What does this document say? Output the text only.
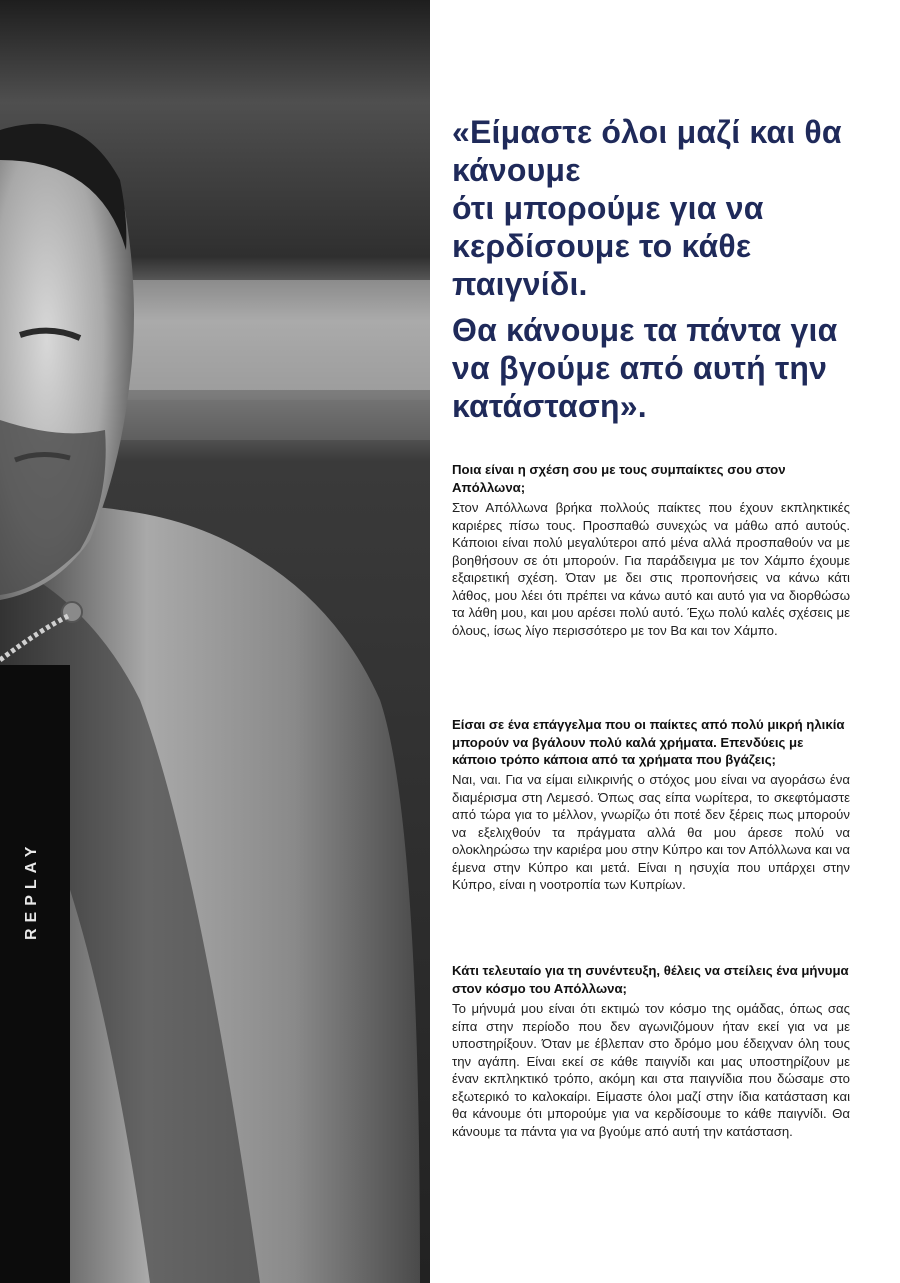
REPLAY

«Είμαστε όλοι μαζί και θα κάνουμε

ότι μπορούμε για να κερδίσουμε το κάθε παιγνίδι.

Θα κάνουμε τα πάντα για να βγούμε από αυτή την κατάσταση».

Ποια είναι η σχέση σου με τους συμπαίκτες σου στον Απόλλωνα;
Στον Απόλλωνα βρήκα πολλούς παίκτες που έχουν εκπληκτικές καριέρες πίσω τους. Προσπαθώ συνεχώς να μάθω από αυτούς. Κάποιοι είναι πολύ μεγαλύτεροι από μένα αλλά προσπαθούν να με βοηθήσουν σε ότι μπορούν. Για παράδειγμα με τον Χάμπο έχουμε εξαιρετική σχέση. Όταν με δει στις προπονήσεις να κάνω κάτι λάθος, μου λέει ότι πρέπει να κάνω αυτό και αυτό για να διορθώσω τα λάθη μου, και μου αρέσει πολύ αυτό. Έχω πολύ καλές σχέσεις με όλους, ίσως λίγο περισσότερο με τον Βα και τον Χάμπο.
Είσαι σε ένα επάγγελμα που οι παίκτες από πολύ μικρή ηλικία μπορούν να βγάλουν πολύ καλά χρήματα. Επενδύεις με κάποιο τρόπο κάποια από τα χρήματα που βγάζεις;
Ναι, ναι. Για να είμαι ειλικρινής ο στόχος μου είναι να αγοράσω ένα διαμέρισμα στη Λεμεσό. Όπως σας είπα νωρίτερα, το σκεφτόμαστε από τώρα για το μέλλον, γνωρίζω ότι ποτέ δεν ξέρεις πως μπορούν να εξελιχθούν τα πράγματα αλλά θα μου άρεσε πολύ να ολοκληρώσω την καριέρα μου στην Κύπρο και τον Απόλλωνα και να έμενα στην Κύπρο και μετά. Είναι η ησυχία που υπάρχει στην Κύπρο, είναι η νοοτροπία των Κυπρίων.
Κάτι τελευταίο για τη συνέντευξη, θέλεις να στείλεις ένα μήνυμα στον κόσμο του Απόλλωνα;
Το μήνυμά μου είναι ότι εκτιμώ τον κόσμο της ομάδας, όπως σας είπα στην περίοδο που δεν αγωνιζόμουν ήταν εκεί για να με υποστηρίξουν. Όταν με έβλεπαν στο δρόμο μου έδειχναν όλη τους την αγάπη. Είναι εκεί σε κάθε παιγνίδι και μας υποστηρίζουν με έναν εκπληκτικό τρόπο, ακόμη και στα παιγνίδια που δώσαμε στο εξωτερικό το καλοκαίρι. Είμαστε όλοι μαζί στην ίδια κατάσταση και θα κάνουμε ότι μπορούμε για να κερδίσουμε το κάθε παιγνίδι. Θα κάνουμε τα πάντα για να βγούμε από αυτή την κατάσταση.
